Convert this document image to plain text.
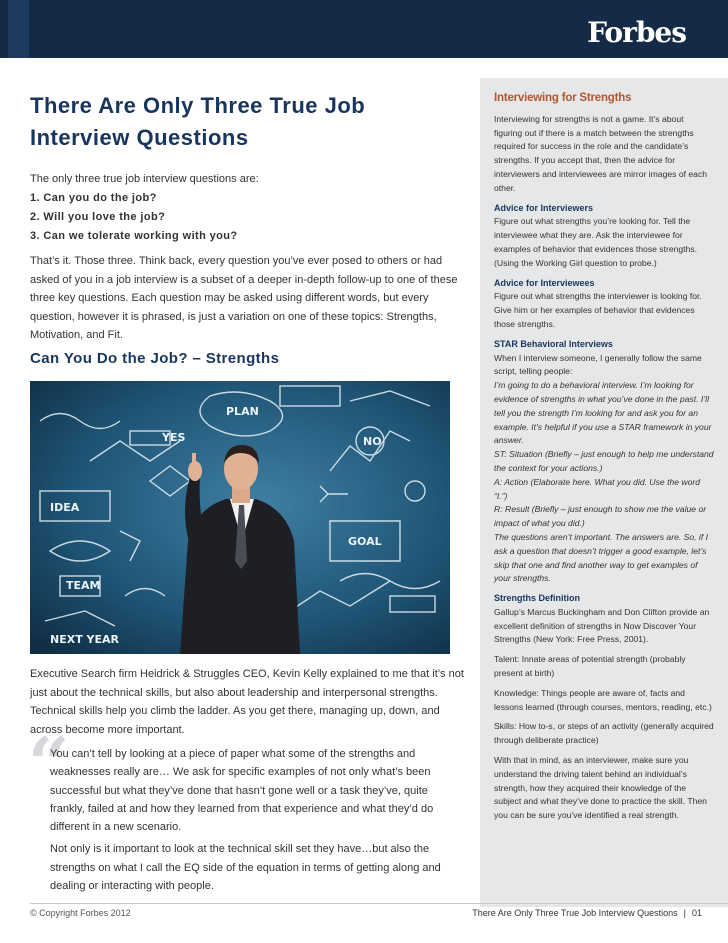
Forbes
There Are Only Three True Job Interview Questions
The only three true job interview questions are:
1. Can you do the job?
2. Will you love the job?
3. Can we tolerate working with you?

That’s it. Those three. Think back, every question you’ve ever posed to others or had asked of you in a job interview is a subset of a deeper in-depth follow-up to one of these three key questions. Each question may be asked using different words, but every question, however it is phrased, is just a variation on one of these topics: Strengths, Motivation, and Fit.

Can You Do the Job? – Strengths
PLAN
YES	NO
IDEA
GOAL
TEAM
NEXT YEAR

Executive Search firm Heidrick & Struggles CEO, Kevin Kelly explained to me that it’s not just about the technical skills, but also about leadership and interpersonal strengths. Technical skills help you climb the ladder. As you get there, managing up, down, and across become more important.

“

You can’t tell by looking at a piece of paper what some of the strengths and weaknesses really are… We ask for specific examples of not only what’s been successful but what they’ve done that hasn’t gone well or a task they’ve, quite frankly, failed at and how they learned from that experience and what they’d do different in a new scenario.

Not only is it important to look at the technical skill set they have…but also the strengths on what I call the EQ side of the equation in terms of getting along and dealing or interacting with people.

Interviewing for Strengths

Interviewing for strengths is not a game. It’s about figuring out if there is a match between the strengths required for success in the role and the candidate’s strengths. If you accept that, then the advice for interviewers and interviewees are mirror images of each other.

Advice for Interviewers

Figure out what strengths you’re looking for. Tell the interviewee what they are. Ask the interviewee for examples of behavior that evidences those strengths. (Using the Working Girl question to probe.)

Advice for Interviewees

Figure out what strengths the interviewer is looking for. Give him or her examples of behavior that evidences those strengths.

STAR Behavioral Interviews

When I interview someone, I generally follow the same script, telling people:

I’m going to do a behavioral interview. I’m looking for evidence of strengths in what you’ve done in the past. I’ll tell you the strength I’m looking for and ask you for an example. It’s helpful if you use a STAR framework in your answer.

ST: Situation (Briefly – just enough to help me understand the context for your actions.)

A: Action (Elaborate here. What you did. Use the word “I.”)

R: Result (Briefly – just enough to show me the value or impact of what you did.)

The questions aren’t important. The answers are. So, if I ask a question that doesn’t trigger a good example, let’s skip that one and find another way to get examples of your strengths.

Strengths Definition

Gallup’s Marcus Buckingham and Don Clifton provide an excellent definition of strengths in Now Discover Your Strengths (New York: Free Press, 2001).

Talent: Innate areas of potential strength (probably present at birth)

Knowledge: Things people are aware of, facts and lessons learned (through courses, mentors, reading, etc.)

Skills: How to-s, or steps of an activity (generally acquired through deliberate practice)

With that in mind, as an interviewer, make sure you understand the driving talent behind an individual’s strength, how they acquired their knowledge of the subject and what they’ve done to practice the skill. Then you can be sure you’ve identified a real strength.

© Copyright Forbes 2012	There Are Only Three True Job Interview Questions | 01
